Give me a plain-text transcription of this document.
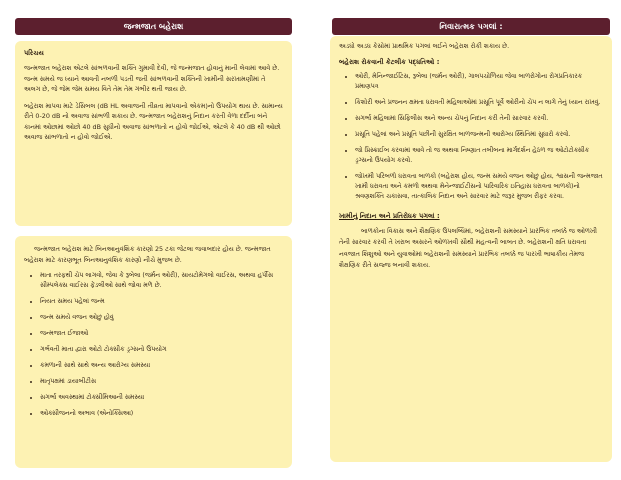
જન્મજાત બહેરાશ
પરિચય

જન્મજાત બહેરાશ એટલે સાંભળવાની શક્તિ ગુમાવી દેવી, જે જન્મજાત હોવાનું માની લેવામાં આવે છે. જન્મ સમયે જ ધ્યાને આવતી નબળી પડતી જતી સાંભળવાની શક્તિની ખામીની સરખામણીમાં તે અલગ છે, જે જેમ જેમ સમય વિતે તેમ તેમ ગંભીર થતી જાય છે.

બહેરાશ માપવા માટે ડેસિબલ (dB HL અવાજની તીવ્રતા માપવાનો એકમ)નો ઉપયોગ થાય છે. સામાન્ય રીતે 0-20 dB નો અવાજ સાંભળી શકાય છે. જન્મજાત બહેરાશનું નિદાન કરતી વેળા દર્દીના બંને કાનમાં ઓછામાં ઓછો 40 dB સુધીનો અવાજ સાંભળાતો ન હોવો જોઈએ, એટલે કે 40 dB થી ઓછો અવાજ સાંભળાતો ન હોવો જોઈએ.

જન્મજાત બહેરાશ માટે બિનઆનુવંશિક કારણો 25 ટકા જેટલા જવાબદાર હોય છે. જન્મજાત બહેરાશ માટે કારણભૂત બિનઆનુવંશિક કારણો નીચે મુજબ છે.

• માતા તરફથી ચેપ લાગવો, જેવા કે રૂબેલા (જર્મન ઓરી), સાયટોમેગલો વાઈરસ, અથવા હર્પીસ સીમ્પલેક્સ વાઈરસ ફેંડલીઓ સાથે જોવા મળે છે.
• નિયત સમય પહેલાં જન્મ
• જન્મ સમયે વજન ઓછું હોવું
• જન્મજાત ઈજાઓ
• ગર્ભવતી માતા દ્વારા ઓટો ટોક્સીક ડ્રગ્સનો ઉપયોગ
• કમળાની સાથે સાથે અન્ય આરોગ્ય સમસ્યા
• માતૃપક્ષમાં ડાયાબીટીસ
• સગર્ભા અવસ્થામાં ટોક્સીમિઆની સમસ્યા
• ઓક્સીજનનો અભાવ (એનોક્સિઆ)
નિવારાત્મક પગલાં :

અડધો અડધ કેસોમાં પ્રાથમિક પગલાં લઈને બહેરાશ રોકી શકાય છે.

બહેરાશ રોકવાની કેટલીક પદ્ધતિઓ :
• ઓરી, મેનિન્જાઈટિસ, રૂબેલા (જર્મન ઓરી), ગાલપચોળિયા જેવા બાળરોગોના રોગપ્રતિકારક પ્રમાણપત્ર
• કિશોરી અને પ્રજનન ક્ષમતા ધરાવતી મહિલાઓમાં પ્રસૂતિ પૂર્વે ઓરીનો ચેપ ન લાગે તેનું ધ્યાન રાખવું.
• સગર્ભા મહિલામાં સિફિલીસ અને અન્ય ચેપનું નિદાન કરી તેની સારવાર કરવી.
• પ્રસૂતિ પહેલાં અને પ્રસૂતિ પછીની સુરક્ષિત બાળજન્મની આરોગ્ય સ્થિતિમાં સુધારો કરવો.
• જો પ્રિસ્ક્રાઈબ કરવામાં આવે તો જ અથવા નિષ્ણાત તબીબના માર્ગદર્શન હેઠળ જ ઓટોટોક્સીક ડ્રગ્સનો ઉપયોગ કરવો.
• જોખમી પરિબળો ધરાવતા બાળકો (બહેરાશ હોય, જન્મ સમયે વજન ઓછું હોય, શ્વાસની જન્મજાત ખામી ધરાવતા અને કમળો અથવા મેનેન્જાઈટીસનો પારિવારિક ઇતિહાસ ધરાવતા બાળકો)નો શ્રવણશક્તિ ચકાસવા, તાત્કાલિક નિદાન અને સારવાર માટે જરૂર મુજબ રીફર કરવા.
ખામીનું નિદાન અને પ્રતિરોધક પગલાં :

બાળકોના વિકાસ અને શૈક્ષણિક ઉપલબ્ધિમાં, બહેરાશની સમસ્યાને પ્રારંભિક તબક્કે જ ઓળખી તેની સારવાર કરવી તે ખરાબ અસરને ઓળખવી સૌથી મહત્વની બાબત છે. બહેરાશની ક્ષતિ ધરાવતા નવજાત શિશુઓ અને યુવાઓમાં બહેરાશની સમસ્યાને પ્રારંભિક તબક્કે જ પારખી ભાષાકીય તેમજ શૈક્ષણિક રીતે સજ્જ બનાવી શકાય.
